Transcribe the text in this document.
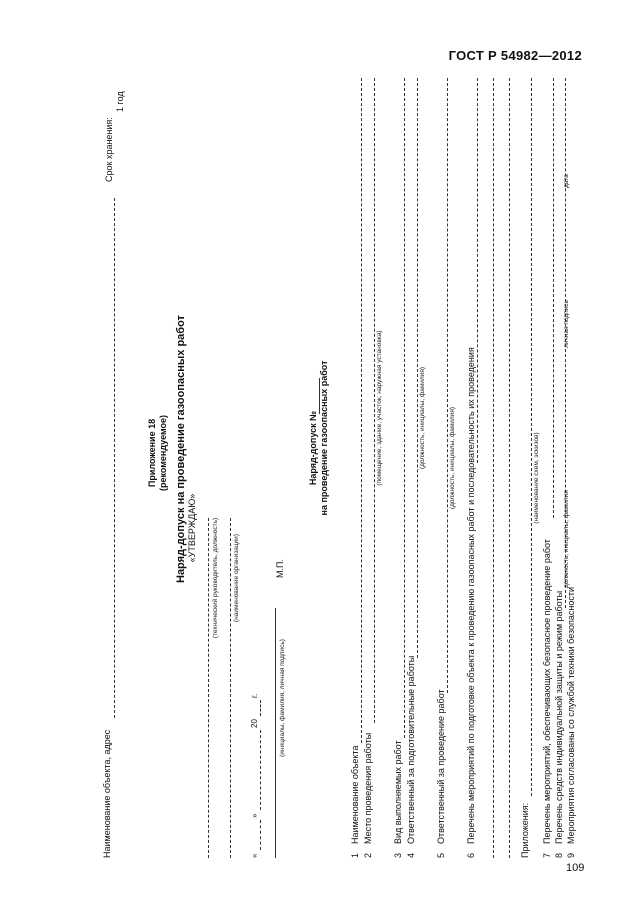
ГОСТ Р 54982—2012
109
Срок хранения:
1 год
Наименование объекта, адрес
Приложение 18 (рекомендуемое) Наряд-допуск на проведение газоопасных работ «УТВЕРЖДАЮ» (технический руководитель, должность) (наименование организации)
«
»
20
г.	(инициалы, фамилия, личная подпись)
М.П.
Наряд-допуск № на проведение газоопасных работ
1
Наименование объекта
2
Место проведения работы
(помещение, здание, участок, наружная установка)
3
Вид выполняемых работ
4
Ответственный за подготовительные работы
(должность, инициалы, фамилия)
5
Ответственный за проведение работ
(должность, инициалы, фамилия)
6
Перечень мероприятий по подготовке объекта к проведению газоопасных работ и последовательность их проведения	Приложения:
(наименование схем, эскизов)
7
Перечень мероприятий, обеспечивающих безопасное проведение работ
8
Перечень средств индивидуальной защиты и режим работы
9
Мероприятия согласованы со службой техники безопасности
должность, инициалы, фамилия
личная подпись
дата
